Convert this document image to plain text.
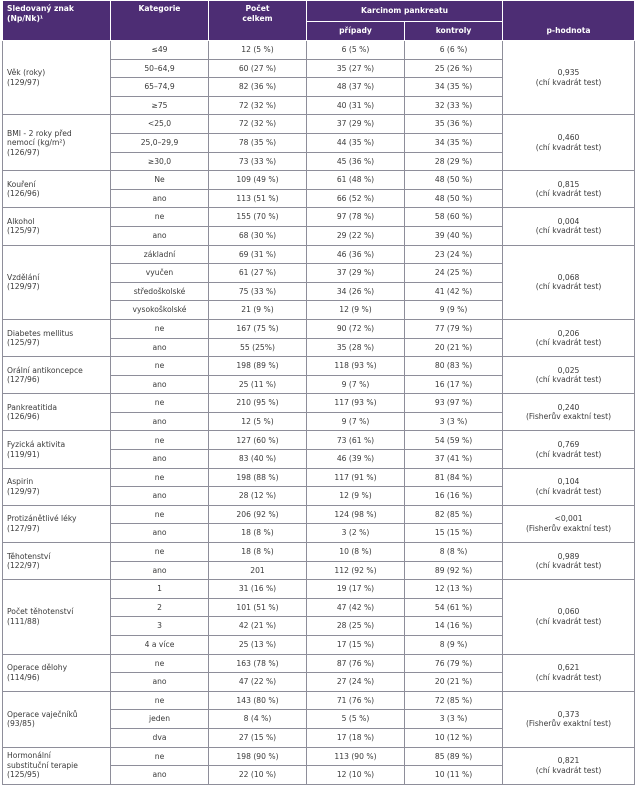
Sledovaný znak (Np/Nk)¹	Kategorie	Počet celkem	Karcinom pankreatu		p-hodnota
			případy	kontroly	

Věk (roky)
(129/97)	≤49	12 (5 %)	6 (5 %)	6 (6 %)	0,935
(chí kvadrát test)

	50–64,9	60 (27 %)	35 (27 %)	25 (26 %)	
	65–74,9	82 (36 %)	48 (37 %)	34 (35 %)	
	≥75	72 (32 %)	40 (31 %)	32 (33 %)	

BMI - 2 roky před
nemocí (kg/m²)
(126/97)	<25,0	72 (32 %)	37 (29 %)	35 (36 %)	0,460
(chí kvadrát test)

	25,0–29,9	78 (35 %)	44 (35 %)	34 (35 %)	
	≥30,0	73 (33 %)	45 (36 %)	28 (29 %)	

Kouření
(126/96)	Ne	109 (49 %)	61 (48 %)	48 (50 %)	0,815
(chí kvadrát test)

	ano	113 (51 %)	66 (52 %)	48 (50 %)	

Alkohol
(125/97)	ne	155 (70 %)	97 (78 %)	58 (60 %)	0,004
(chí kvadrát test)

	ano	68 (30 %)	29 (22 %)	39 (40 %)	

Vzdělání
(129/97)	základní	69 (31 %)	46 (36 %)	23 (24 %)	0,068
(chí kvadrát test)

	vyučen	61 (27 %)	37 (29 %)	24 (25 %)	
	středoškolské	75 (33 %)	34 (26 %)	41 (42 %)	
	vysokoškolské	21 (9 %)	12 (9 %)	9 (9 %)	

Diabetes mellitus
(125/97)	ne	167 (75 %)	90 (72 %)	77 (79 %)	0,206
(chí kvadrát test)

	ano	55 (25%)	35 (28 %)	20 (21 %)	

Orální antikoncepce
(127/96)	ne	198 (89 %)	118 (93 %)	80 (83 %)	0,025
(chí kvadrát test)

	ano	25 (11 %)	9 (7 %)	16 (17 %)	

Pankreatitida
(126/96)	ne	210 (95 %)	117 (93 %)	93 (97 %)	0,240
(Fisherův exaktní test)

	ano	12 (5 %)	9 (7 %)	3 (3 %)	

Fyzická aktivita
(119/91)	ne	127 (60 %)	73 (61 %)	54 (59 %)	0,769
(chí kvadrát test)

	ano	83 (40 %)	46 (39 %)	37 (41 %)	

Aspirin
(129/97)	ne	198 (88 %)	117 (91 %)	81 (84 %)	0,104
(chí kvadrát test)

	ano	28 (12 %)	12 (9 %)	16 (16 %)	

Protizánětlivé léky
(127/97)	ne	206 (92 %)	124 (98 %)	82 (85 %)	<0,001
(Fisherův exaktní test)

	ano	18 (8 %)	3 (2 %)	15 (15 %)	

Těhotenství
(122/97)	ne	18 (8 %)	10 (8 %)	8 (8 %)	0,989
(chí kvadrát test)

	ano	201	112 (92 %)	89 (92 %)	

Počet těhotenství
(111/88)	1	31 (16 %)	19 (17 %)	12 (13 %)	0,060
(chí kvadrát test)

	2	101 (51 %)	47 (42 %)	54 (61 %)	
	3	42 (21 %)	28 (25 %)	14 (16 %)	
	4 a více	25 (13 %)	17 (15 %)	8 (9 %)	

Operace dělohy
(114/96)	ne	163 (78 %)	87 (76 %)	76 (79 %)	0,621
(chí kvadrát test)

	ano	47 (22 %)	27 (24 %)	20 (21 %)	

Operace vaječníků
(93/85)	ne	143 (80 %)	71 (76 %)	72 (85 %)	0,373
(Fisherův exaktní test)

	jeden	8 (4 %)	5 (5 %)	3 (3 %)	
	dva	27 (15 %)	17 (18 %)	10 (12 %)	

Hormonální
substituční terapie
(125/95)	ne	198 (90 %)	113 (90 %)	85 (89 %)	0,821
(chí kvadrát test)

	ano	22 (10 %)	12 (10 %)	10 (11 %)	
